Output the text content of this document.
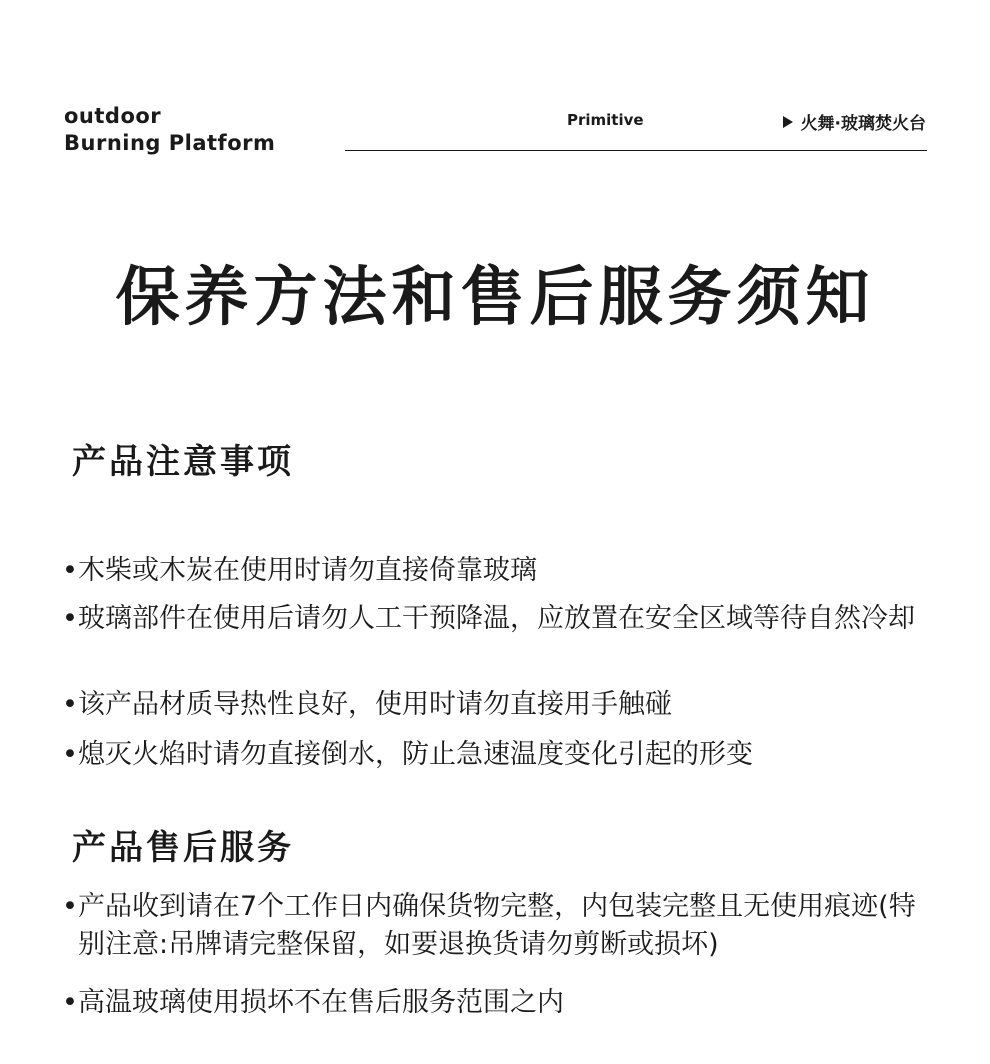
outdoor
Burning Platform
Primitive	火舞·玻璃焚火台
保养方法和售后服务须知
产品注意事项
• 木柴或木炭在使用时请勿直接倚靠玻璃
• 玻璃部件在使用后请勿人工干预降温，应放置在安全区域等待自然冷却
• 该产品材质导热性良好，使用时请勿直接用手触碰
• 熄灭火焰时请勿直接倒水，防止急速温度变化引起的形变
产品售后服务
• 产品收到请在7个工作日内确保货物完整，内包装完整且无使用痕迹(特别注意:吊牌请完整保留，如要退换货请勿剪断或损坏)
• 高温玻璃使用损坏不在售后服务范围之内
